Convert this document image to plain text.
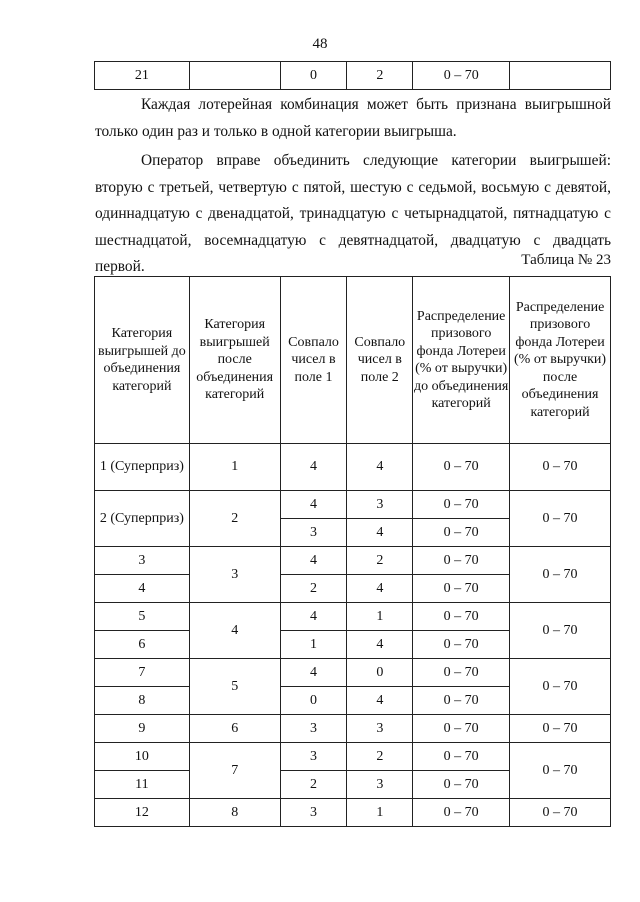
48
21		0	2	0 – 70	

Каждая лотерейная комбинация может быть признана выигрышной только один раз и только в одной категории выигрыша.

Оператор вправе объединить следующие категории выигрышей: вторую с третьей, четвертую с пятой, шестую с седьмой, восьмую с девятой, одиннадцатую с двенадцатой, тринадцатую с четырнадцатой, пятнадцатую с шестнадцатой, восемнадцатую с девятнадцатой, двадцатую с двадцать первой.	Таблица № 23
Категория выигрышей до объединения категорий	Категория выигрышей после объединения категорий	Совпало чисел в поле 1	Совпало чисел в поле 2	Распределение призового фонда Лотереи (% от выручки) до объединения категорий	Распределение призового фонда Лотереи (% от выручки) после объединения категорий
1 (Суперприз)	1	4	4	0 – 70	0 – 70
2 (Суперприз)	2	4	3	0 – 70	0 – 70
		3	4	0 – 70	
3	3	4	2	0 – 70	0 – 70
4		2	4	0 – 70	
5	4	4	1	0 – 70	0 – 70
6		1	4	0 – 70	
7	5	4	0	0 – 70	0 – 70
8		0	4	0 – 70	
9	6	3	3	0 – 70	0 – 70
10	7	3	2	0 – 70	0 – 70
11		2	3	0 – 70	
12	8	3	1	0 – 70	0 – 70
